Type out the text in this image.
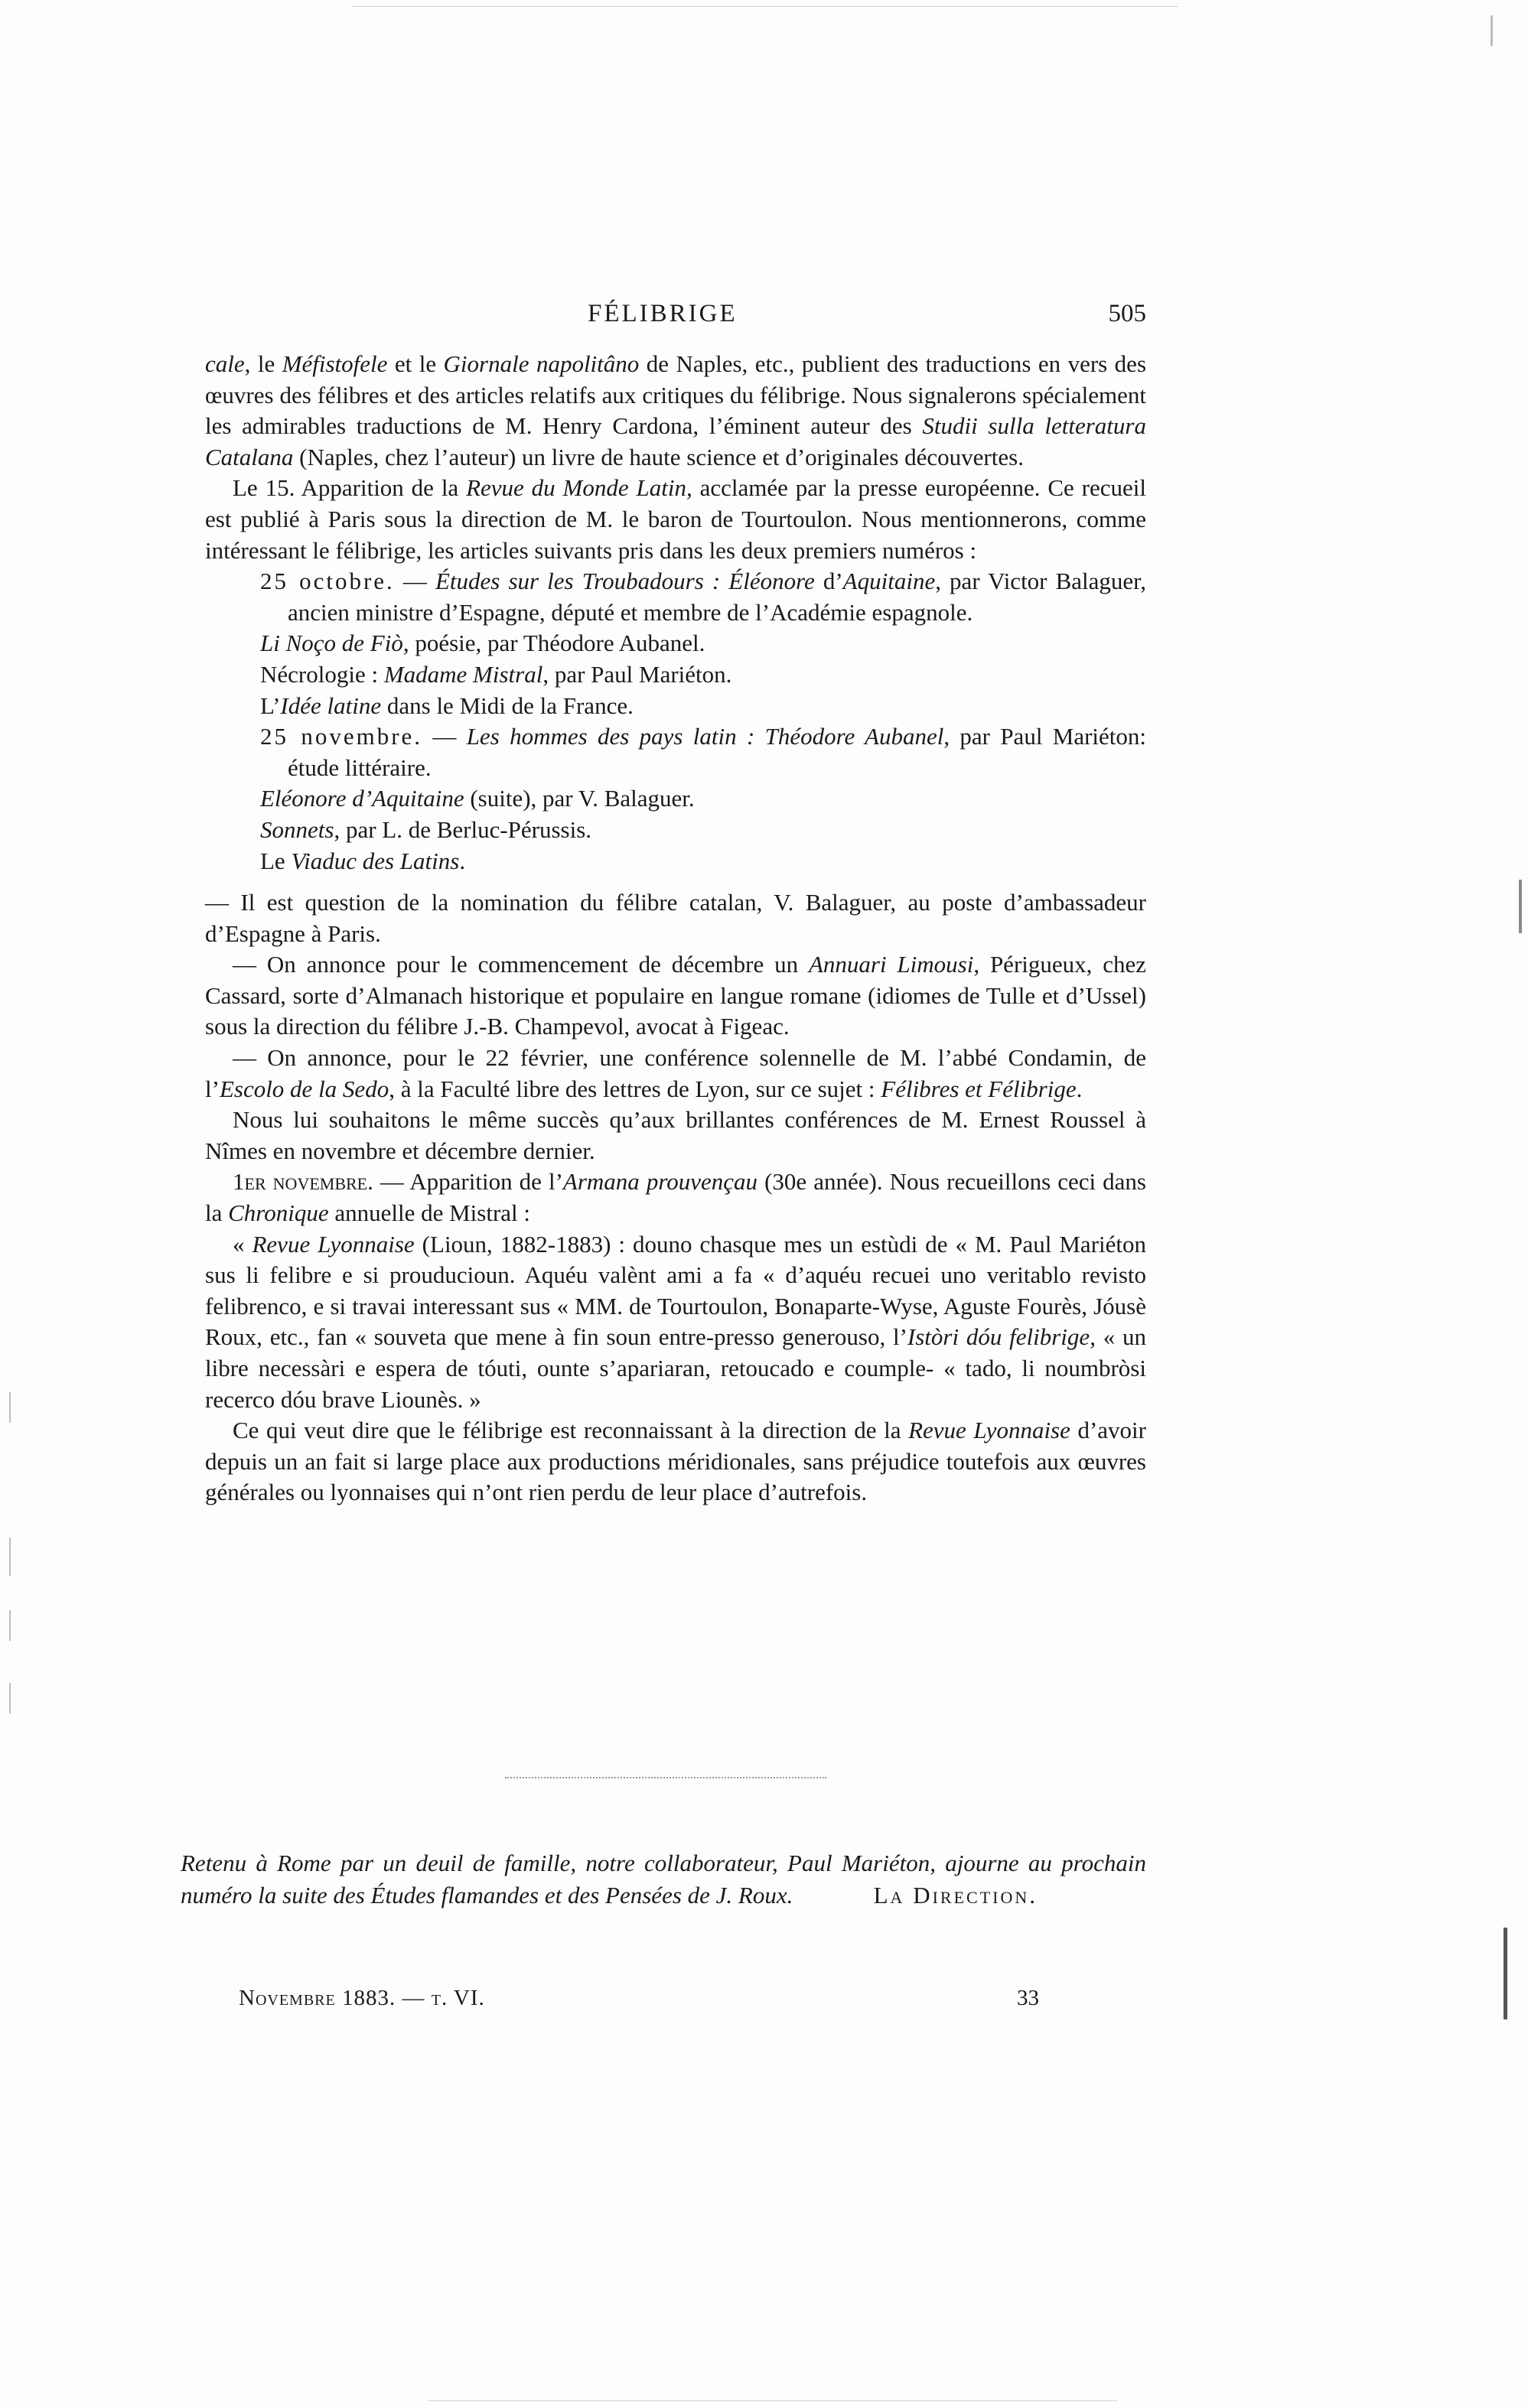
FÉLIBRIGE	505

cale, le Méfistofele et le Giornale napolitâno de Naples, etc., publient des traductions en vers des œuvres des félibres et des articles relatifs aux critiques du félibrige. Nous signalerons spécialement les admirables traductions de M. Henry Cardona, l’éminent auteur des Studii sulla letteratura Catalana (Naples, chez l’auteur) un livre de haute science et d’originales découvertes.

Le 15. Apparition de la Revue du Monde Latin, acclamée par la presse européenne. Ce recueil est publié à Paris sous la direction de M. le baron de Tourtoulon. Nous mentionnerons, comme intéressant le félibrige, les articles suivants pris dans les deux premiers numéros :

25 octobre. — Études sur les Troubadours : Éléonore d’Aquitaine, par Victor Balaguer, ancien ministre d’Espagne, député et membre de l’Académie espagnole.

Li Noço de Fiò, poésie, par Théodore Aubanel.

Nécrologie : Madame Mistral, par Paul Mariéton.

L’Idée latine dans le Midi de la France.

25 novembre. — Les hommes des pays latin : Théodore Aubanel, par Paul Mariéton: étude littéraire.

Eléonore d’Aquitaine (suite), par V. Balaguer.

Sonnets, par L. de Berluc-Pérussis.

Le Viaduc des Latins.

— Il est question de la nomination du félibre catalan, V. Balaguer, au poste d’ambassadeur d’Espagne à Paris.

— On annonce pour le commencement de décembre un Annuari Limousi, Périgueux, chez Cassard, sorte d’Almanach historique et populaire en langue romane (idiomes de Tulle et d’Ussel) sous la direction du félibre J.-B. Champevol, avocat à Figeac.

— On annonce, pour le 22 février, une conférence solennelle de M. l’abbé Condamin, de l’Escolo de la Sedo, à la Faculté libre des lettres de Lyon, sur ce sujet : Félibres et Félibrige.

Nous lui souhaitons le même succès qu’aux brillantes conférences de M. Ernest Roussel à Nîmes en novembre et décembre dernier.

1er novembre. — Apparition de l’Armana prouvençau (30e année). Nous recueillons ceci dans la Chronique annuelle de Mistral :

« Revue Lyonnaise (Lioun, 1882-1883) : douno chasque mes un estùdi de « M. Paul Mariéton sus li felibre e si prouducioun. Aquéu valènt ami a fa « d’aquéu recuei uno veritablo revisto felibrenco, e si travai interessant sus « MM. de Tourtoulon, Bonaparte-Wyse, Aguste Fourès, Jóusè Roux, etc., fan « souveta que mene à fin soun entre-presso generouso, l’Istòri dóu felibrige, « un libre necessàri e espera de tóuti, ounte s’apariaran, retoucado e coumple- « tado, li noumbròsi recerco dóu brave Liounès. »

Ce qui veut dire que le félibrige est reconnaissant à la direction de la Revue Lyonnaise d’avoir depuis un an fait si large place aux productions méridionales, sans préjudice toutefois aux œuvres générales ou lyonnaises qui n’ont rien perdu de leur place d’autrefois.

Retenu à Rome par un deuil de famille, notre collaborateur, Paul Mariéton, ajourne au prochain numéro la suite des Études flamandes et des Pensées de J. Roux.	La Direction.
Novembre 1883. — t. VI.	33
